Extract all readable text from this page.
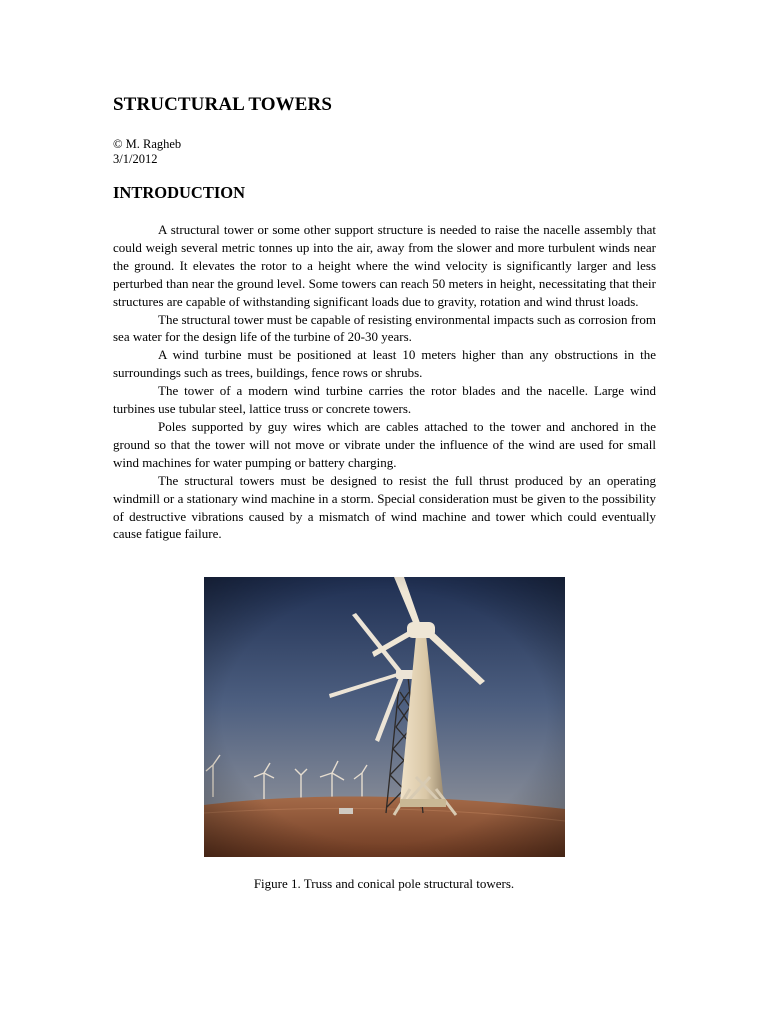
STRUCTURAL TOWERS
© M. Ragheb
3/1/2012
INTRODUCTION

A structural tower or some other support structure is needed to raise the nacelle assembly that could weigh several metric tonnes up into the air, away from the slower and more turbulent winds near the ground. It elevates the rotor to a height where the wind velocity is significantly larger and less perturbed than near the ground level. Some towers can reach 50 meters in height, necessitating that their structures are capable of withstanding significant loads due to gravity, rotation and wind thrust loads.

The structural tower must be capable of resisting environmental impacts such as corrosion from sea water for the design life of the turbine of 20-30 years.

A wind turbine must be positioned at least 10 meters higher than any obstructions in the surroundings such as trees, buildings, fence rows or shrubs.

The tower of a modern wind turbine carries the rotor blades and the nacelle. Large wind turbines use tubular steel, lattice truss or concrete towers.

Poles supported by guy wires which are cables attached to the tower and anchored in the ground so that the tower will not move or vibrate under the influence of the wind are used for small wind machines for water pumping or battery charging.

The structural towers must be designed to resist the full thrust produced by an operating windmill or a stationary wind machine in a storm. Special consideration must be given to the possibility of destructive vibrations caused by a mismatch of wind machine and tower which could eventually cause fatigue failure.

Figure 1. Truss and conical pole structural towers.
